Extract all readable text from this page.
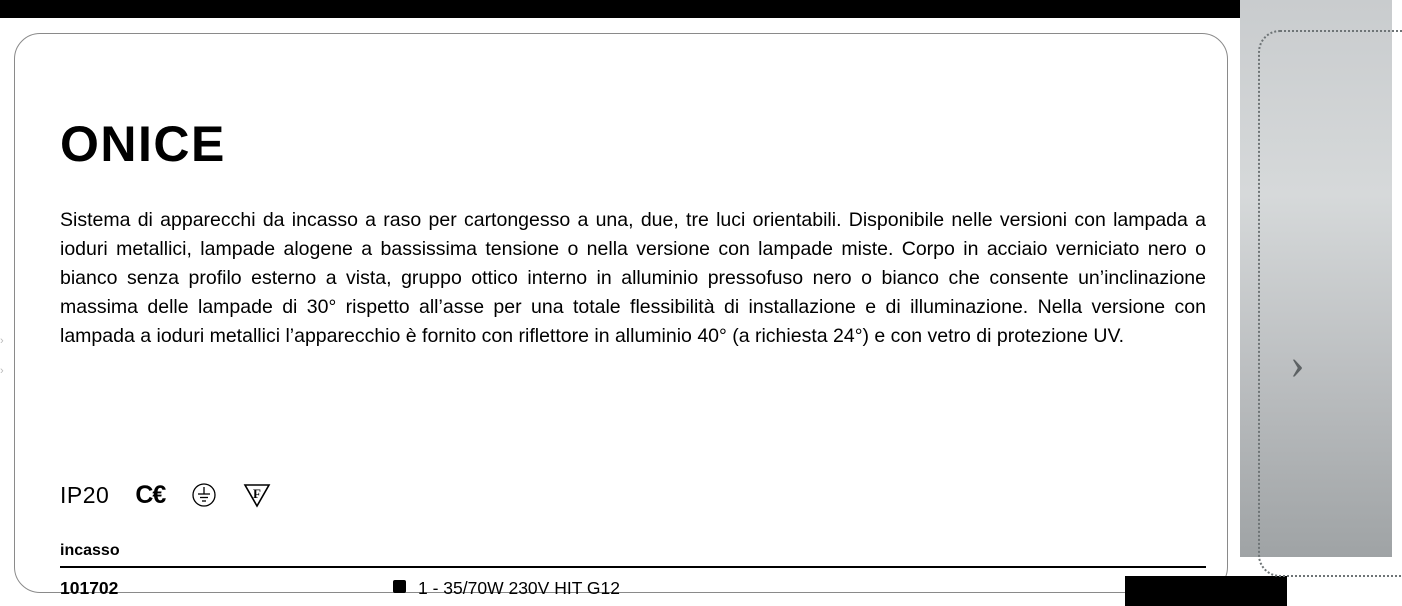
›
›
ONICE
Sistema di apparecchi da incasso a raso per cartongesso a una, due, tre luci orientabili. Disponibile nelle versioni con lampada a ioduri metallici, lampade alogene a bassissima tensione o nella versione con lampade miste. Corpo in acciaio verniciato nero o bianco senza profilo esterno a vista, gruppo ottico interno in alluminio pressofuso nero o bianco che consente un’inclinazione massima delle lampade di 30° rispetto all’asse per una totale flessibilità di installazione e di illuminazione. Nella versione con lampada a ioduri metallici l’apparecchio è fornito con riflettore in alluminio 40° (a richiesta 24°) e con vetro di protezione UV.
IP20 C€	F
incasso
101702	1 - 35/70W 230V HIT G12
›
